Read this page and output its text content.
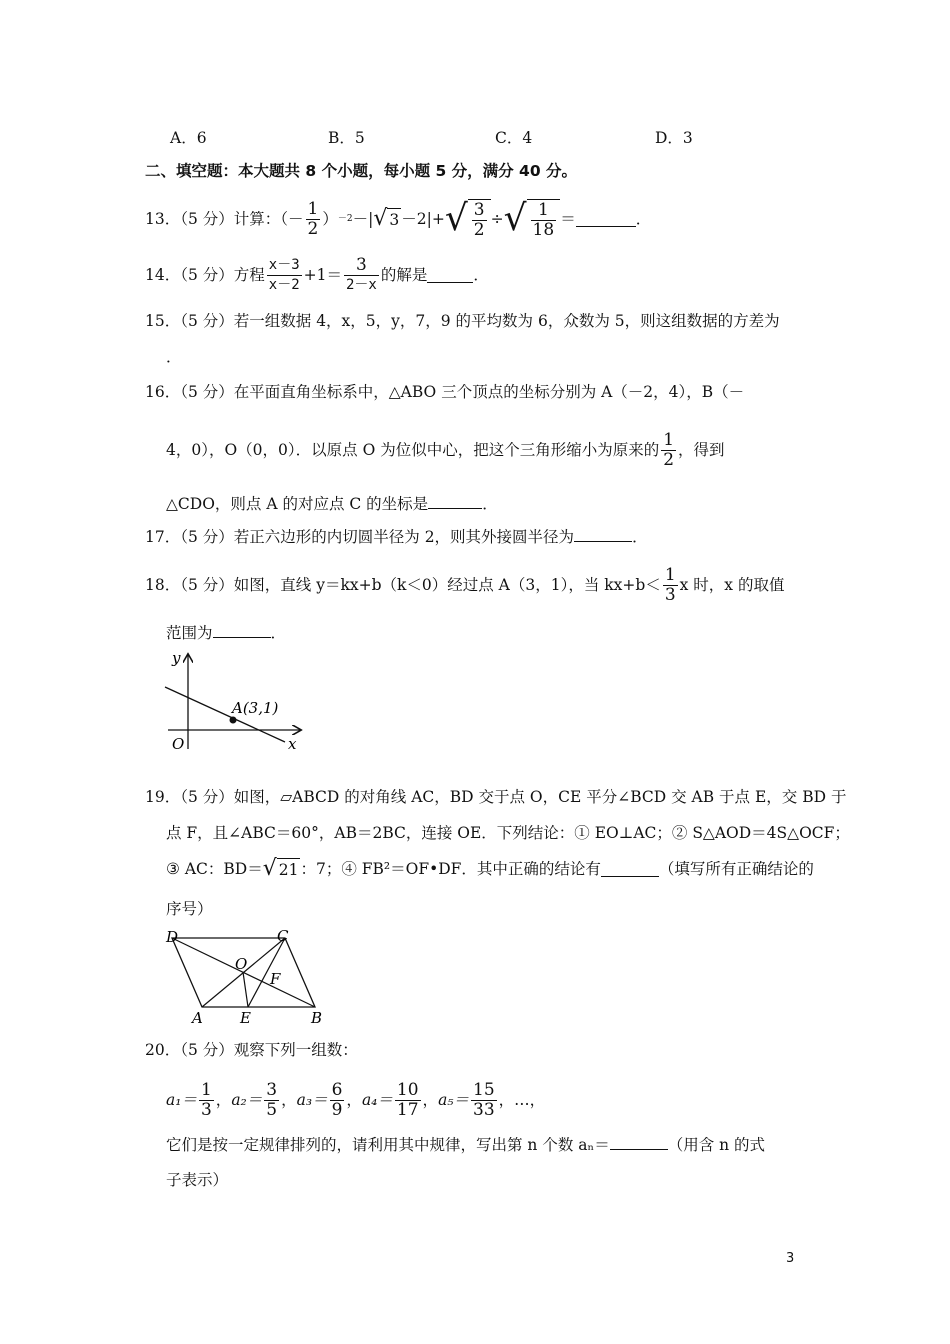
A．6	B．5	C．4	D．3
二、填空题：本大题共 8 个小题，每小题 5 分，满分 40 分。
13．（5 分）计算：（－ $\frac{1}{2}$ ） －2 －| √ 3 －2|+ √ $\frac{3}{2}$ ÷ √ $\frac{1}{18}$ ＝	．
14．（5 分）方程 $\frac{x-3}{x-2} +1= \frac{3}{2-x}$ 的解是	．
15．（5 分）若一组数据 4，x，5，y，7，9 的平均数为 6，众数为 5，则这组数据的方差为
．
16．（5 分）在平面直角坐标系中，△ABO 三个顶点的坐标分别为 A（－2，4），B（－
4，0），O（0，0）．以原点 O 为位似中心，把这个三角形缩小为原来的 $\frac{1}{2}$ ，得到
△CDO，则点 A 的对应点 C 的坐标是	．
17．（5 分）若正六边形的内切圆半径为 2，则其外接圆半径为	．
18．（5 分）如图，直线 y＝kx+b（k＜0）经过点 A（3，1），当 $kx+b< \frac{1}{3}$ x 时，x 的取值
范围为	．
y
x
O
A(3,1)
19．（5 分）如图，▱ABCD 的对角线 AC，BD 交于点 O，CE 平分∠BCD 交 AB 于点 E，交 BD 于
点 F，且∠ABC＝60°，AB＝2BC，连接 OE．下列结论：① EO⊥AC；② S△AOD＝4S△OCF；
③ AC：BD＝ √ 21 ：7；④ FB²＝OF•DF．其中正确的结论有	（填写所有正确结论的
序号）
D	C
O
F
A E	B
20．（5 分）观察下列一组数：
$a_1= \frac{1}{3}$ ， $a_2= \frac{3}{5}$ ， $a_3= \frac{6}{9}$ ， $a_4= \frac{10}{17}$ ， $a_5= \frac{15}{33}$ ，…，
它们是按一定规律排列的，请利用其中规律，写出第 n 个数 aₙ＝	（用含 n 的式
子表示）
3
